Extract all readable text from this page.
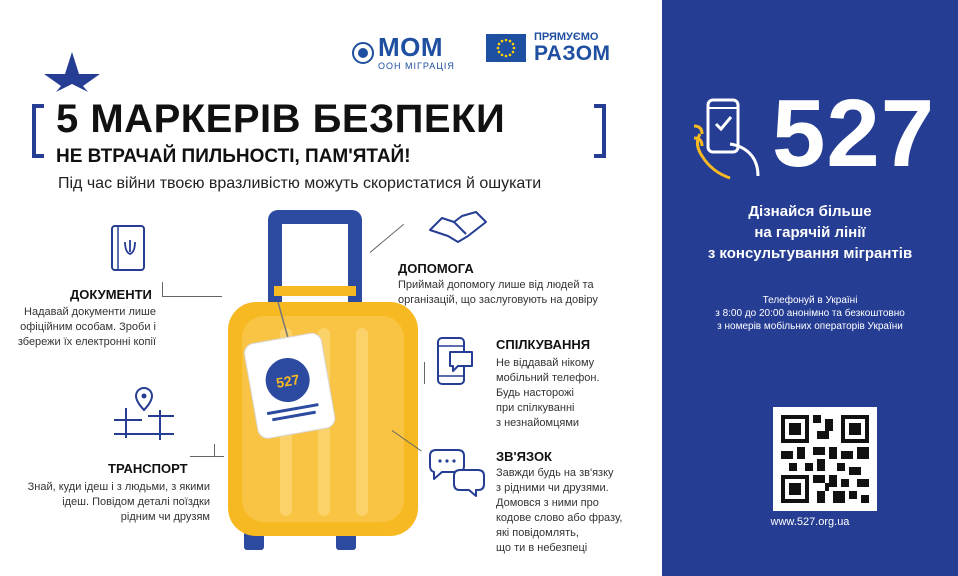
МОМ
ООН МІГРАЦІЯ
ПРЯМУЄМО
РАЗОМ
5 МАРКЕРІВ БЕЗПЕКИ
НЕ ВТРАЧАЙ ПИЛЬНОСТІ, ПАМ'ЯТАЙ!
Під час війни твоєю вразливістю можуть скористатися й ошукати
527
ДОКУМЕНТИ
Надавай документи лише
офіційним особам. Зроби і
збережи їх електронні копії
ТРАНСПОРТ
Знай, куди ідеш і з людьми, з якими
ідеш. Повідом деталі поїздки
рідним чи друзям
ДОПОМОГА
Приймай допомогу лише від людей та
організацій, що заслуговують на довіру
СПІЛКУВАННЯ
Не віддавай нікому
мобільний телефон.
Будь насторожі
при спілкуванні
з незнайомцями
ЗВ'ЯЗОК
Завжди будь на зв'язку
з рідними чи друзями.
Домовся з ними про
кодове слово або фразу,
які повідомлять,
що ти в небезпеці
527
Дізнайся більше
на гарячій лінії
з консультування мігрантів
Телефонуй в Україні
з 8:00 до 20:00 анонімно та безкоштовно
з номерів мобільних операторів України
www.527.org.ua
